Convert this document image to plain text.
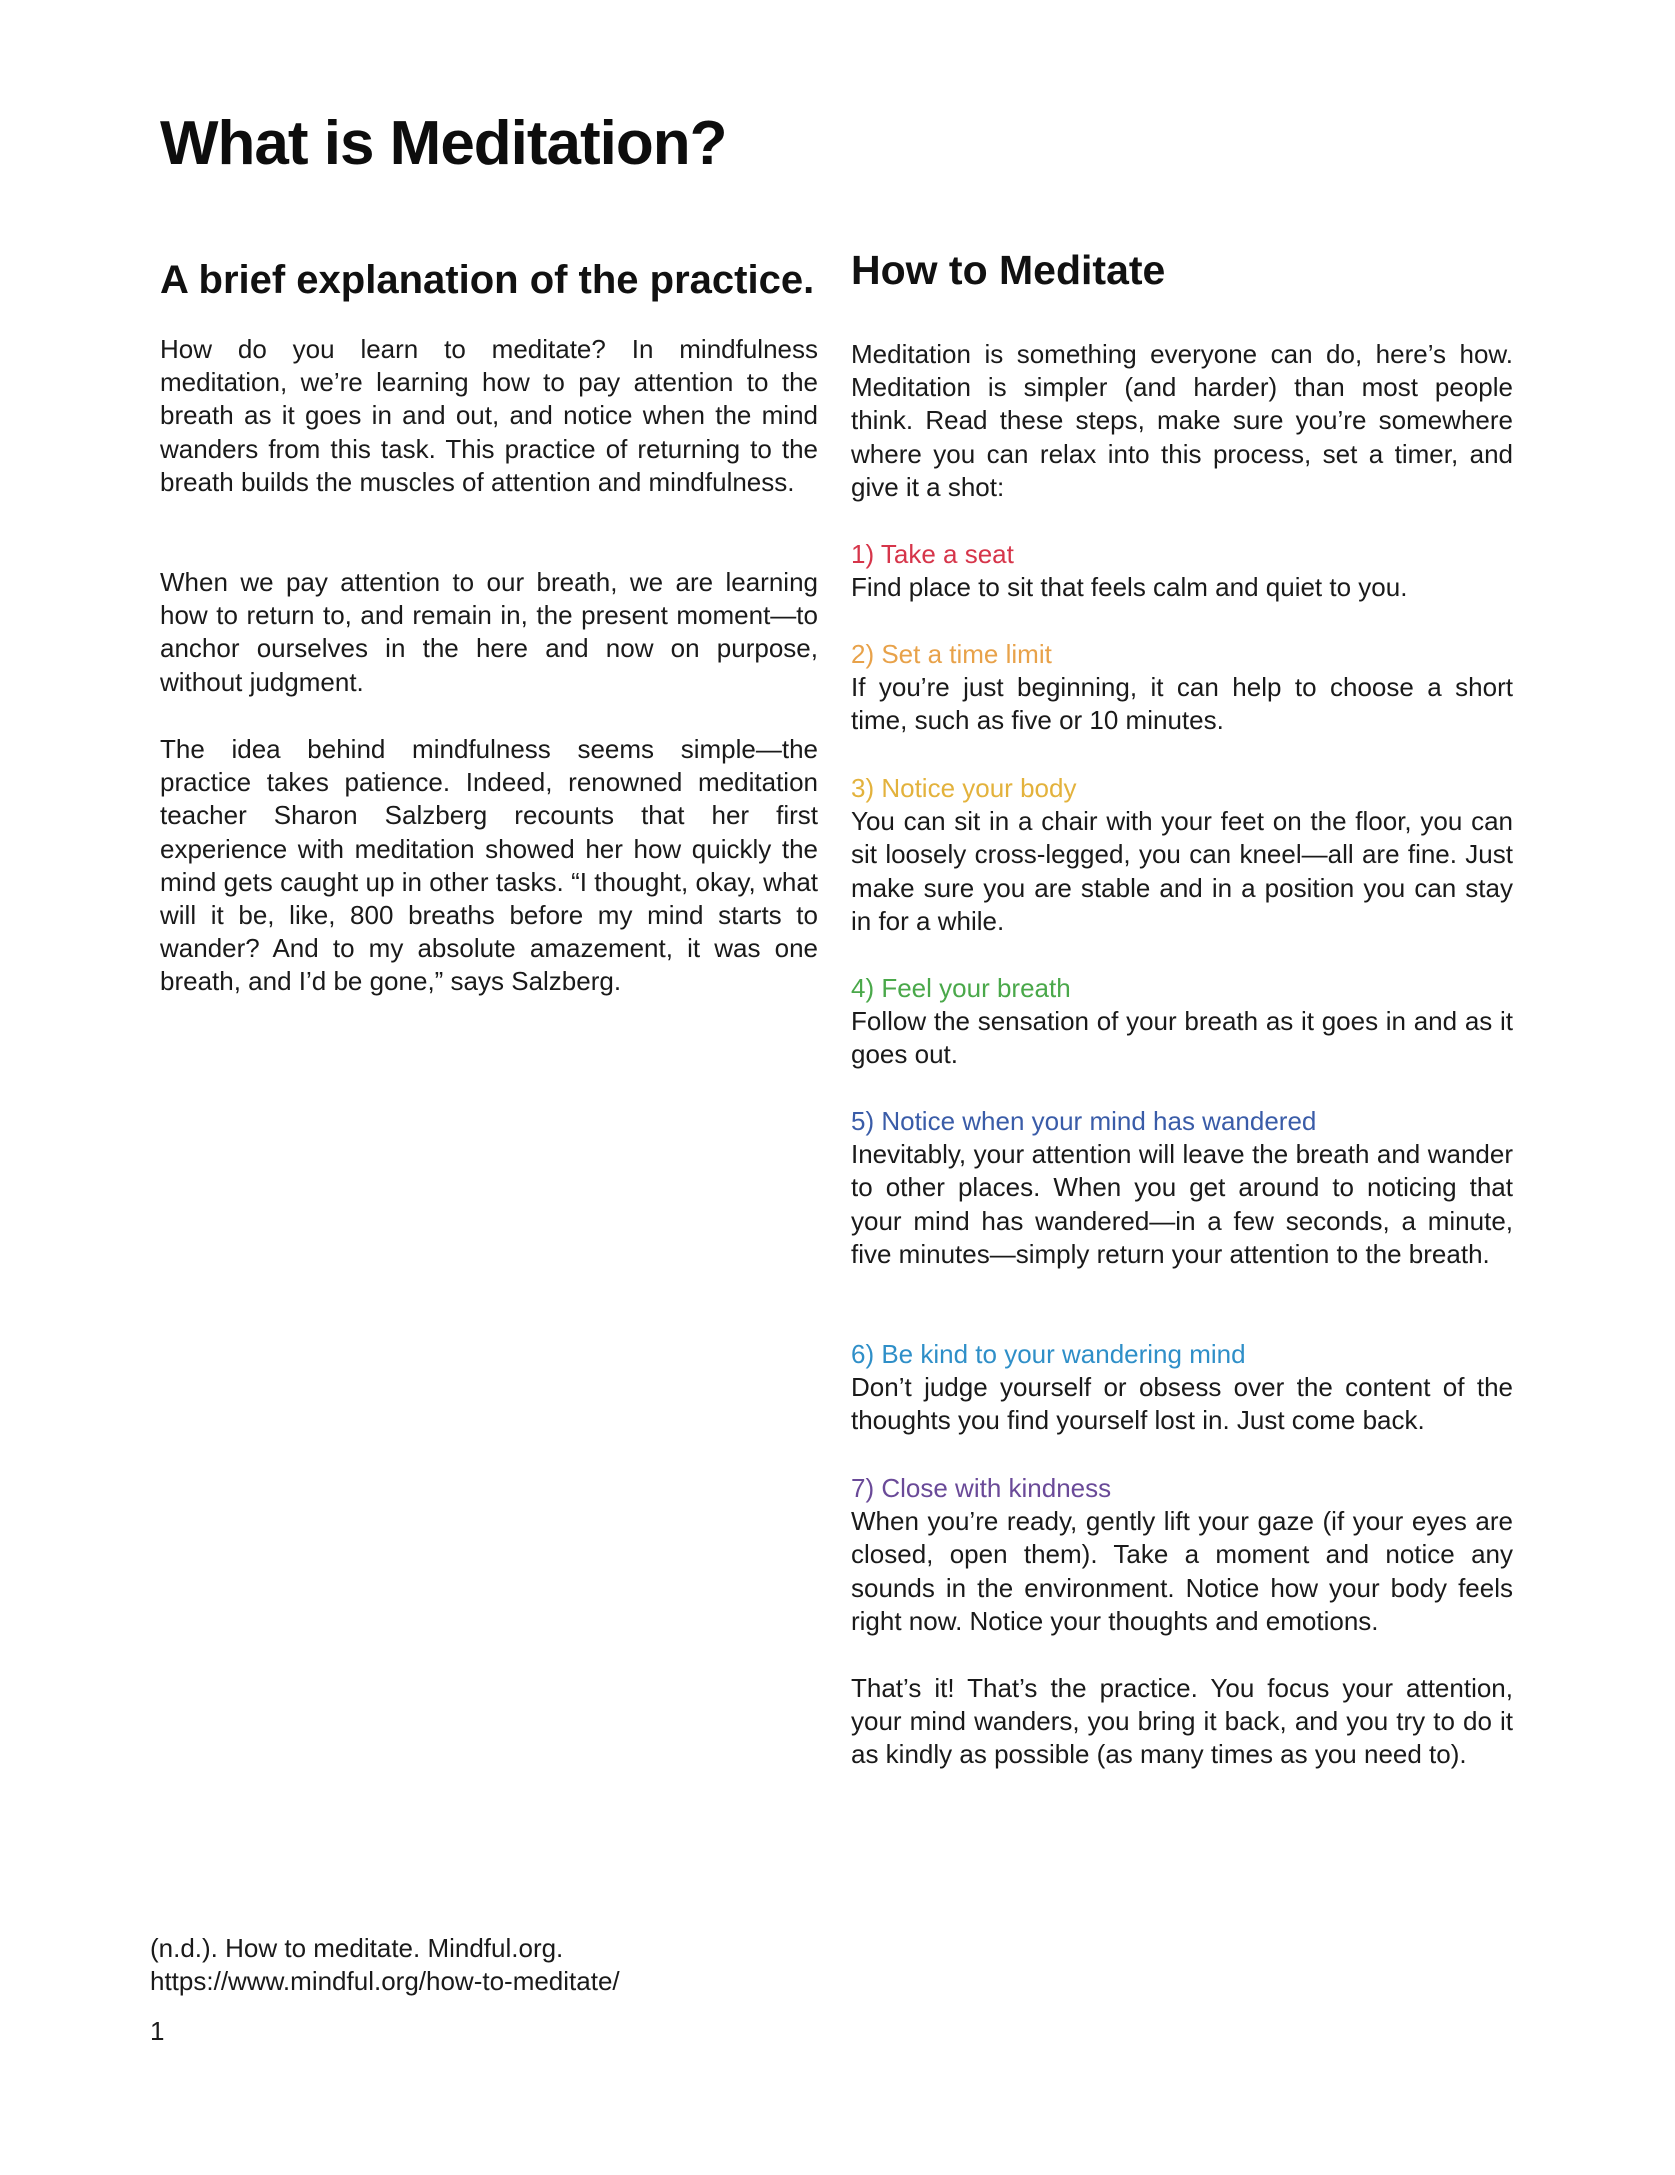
What is Meditation?
A brief explanation of the practice.

How do you learn to meditate? In mindfulness meditation, we’re learning how to pay attention to the breath as it goes in and out, and notice when the mind wanders from this task. This practice of returning to the breath builds the muscles of attention and mindfulness.

When we pay attention to our breath, we are learning how to return to, and remain in, the present moment—to anchor ourselves in the here and now on purpose, without judgment.

The idea behind mindfulness seems simple—the practice takes patience. Indeed, renowned meditation teacher Sharon Salzberg recounts that her first experience with meditation showed her how quickly the mind gets caught up in other tasks. “I thought, okay, what will it be, like, 800 breaths before my mind starts to wander? And to my absolute amazement, it was one breath, and I’d be gone,” says Salzberg.

How to Meditate

Meditation is something everyone can do, here’s how. Meditation is simpler (and harder) than most people think. Read these steps, make sure you’re somewhere where you can relax into this process, set a timer, and give it a shot:

1) Take a seat
Find place to sit that feels calm and quiet to you.
2) Set a time limit
If you’re just beginning, it can help to choose a short time, such as five or 10 minutes.
3) Notice your body
You can sit in a chair with your feet on the floor, you can sit loosely cross-legged, you can kneel—all are fine. Just make sure you are stable and in a position you can stay in for a while.
4) Feel your breath
Follow the sensation of your breath as it goes in and as it goes out.
5) Notice when your mind has wandered
Inevitably, your attention will leave the breath and wander to other places. When you get around to noticing that your mind has wandered—in a few seconds, a minute, five minutes—simply return your attention to the breath.
6) Be kind to your wandering mind
Don’t judge yourself or obsess over the content of the thoughts you find yourself lost in. Just come back.
7) Close with kindness
When you’re ready, gently lift your gaze (if your eyes are closed, open them). Take a moment and notice any sounds in the environment. Notice how your body feels right now. Notice your thoughts and emotions.

That’s it! That’s the practice. You focus your attention, your mind wanders, you bring it back, and you try to do it as kindly as possible (as many times as you need to).

(n.d.). How to meditate. Mindful.org.
https://www.mindful.org/how-to-meditate/
1
